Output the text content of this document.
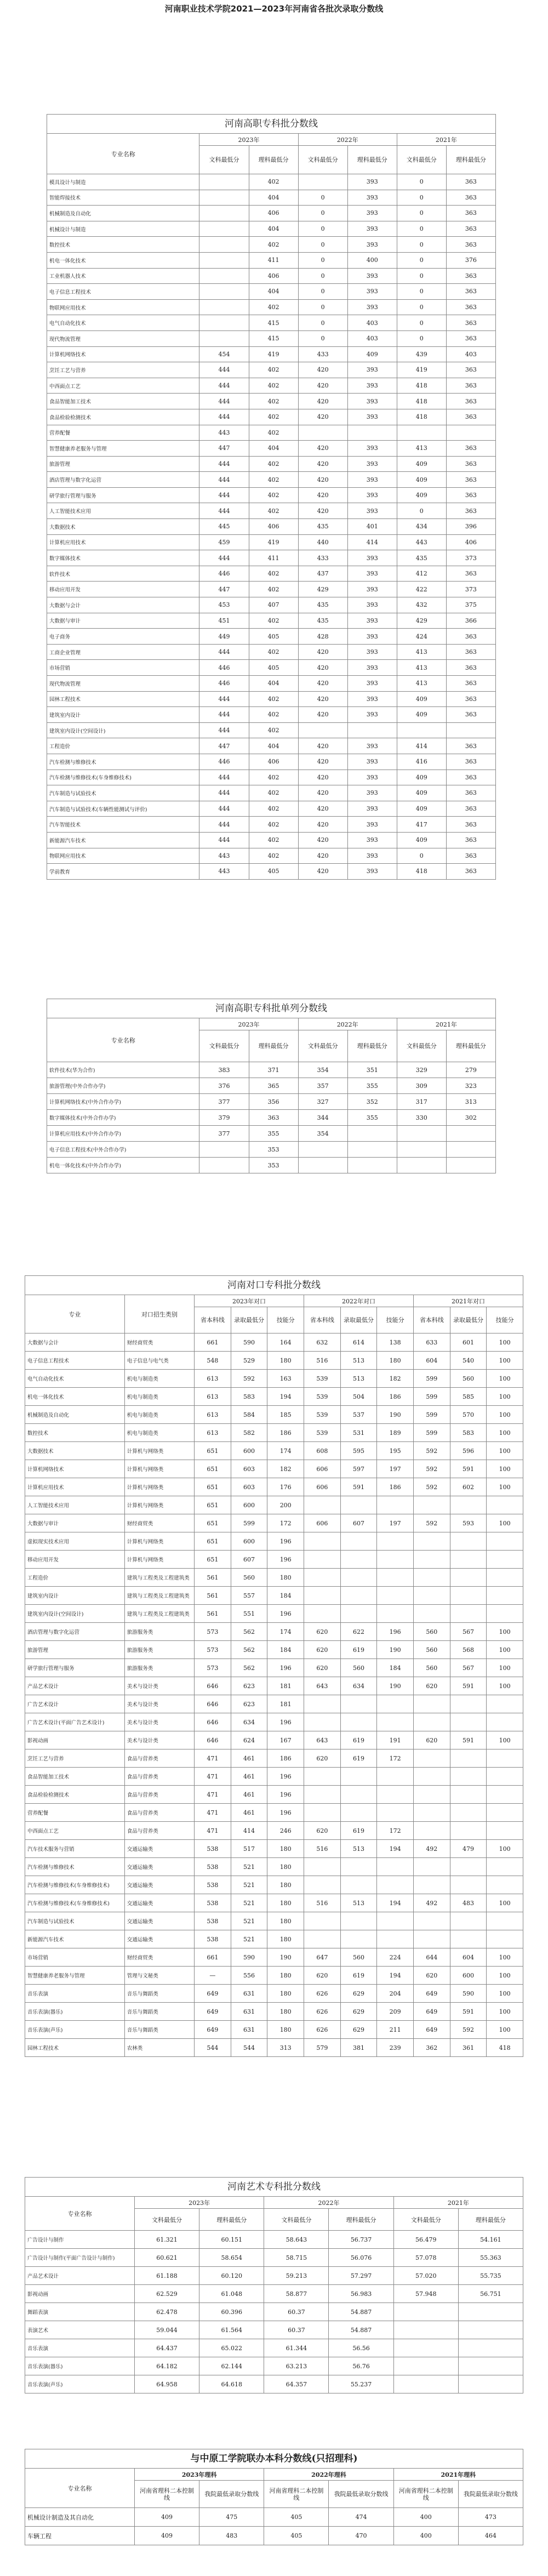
河南职业技术学院2021—2023年河南省各批次录取分数线
河南高职专科批分数线
专业名称	2023年		2022年		2021年	
	文科最低分	理科最低分	文科最低分	理科最低分	文科最低分	理科最低分
模具设计与制造		402		393	0	363
智能焊接技术		404	0	393	0	363
机械制造及自动化		406	0	393	0	363
机械设计与制造		404	0	393	0	363
数控技术		402	0	393	0	363
机电一体化技术		411	0	400	0	376
工业机器人技术		406	0	393	0	363
电子信息工程技术		404	0	393	0	363
物联网应用技术		402	0	393	0	363
电气自动化技术		415	0	403	0	363
现代物流管理		415	0	403	0	363
计算机网络技术	454	419	433	409	439	403
烹饪工艺与营养	444	402	420	393	419	363
中西面点工艺	444	402	420	393	418	363
食品智能加工技术	444	402	420	393	418	363
食品检验检测技术	444	402	420	393	418	363
营养配餐	443	402				
智慧健康养老服务与管理	447	404	420	393	413	363
旅游管理	444	402	420	393	409	363
酒店管理与数字化运营	444	402	420	393	409	363
研学旅行管理与服务	444	402	420	393	409	363
人工智能技术应用	444	402	420	393	0	363
大数据技术	445	406	435	401	434	396
计算机应用技术	459	419	440	414	443	406
数字媒体技术	444	411	433	393	435	373
软件技术	446	402	437	393	412	363
移动应用开发	447	402	429	393	422	373
大数据与会计	453	407	435	393	432	375
大数据与审计	451	402	435	393	429	366
电子商务	449	405	428	393	424	363
工商企业管理	444	402	420	393	413	363
市场营销	446	405	420	393	413	363
现代物流管理	446	404	420	393	413	363
园林工程技术	444	402	420	393	409	363
建筑室内设计	444	402	420	393	409	363
建筑室内设计(空间设计)	444	402				
工程造价	447	404	420	393	414	363
汽车检测与维修技术	446	406	420	393	416	363
汽车检测与维修技术(车身维修技术)	444	402	420	393	409	363
汽车制造与试验技术	444	402	420	393	409	363
汽车制造与试验技术(车辆性能测试与评价)	444	402	420	393	409	363
汽车智能技术	444	402	420	393	417	363
新能源汽车技术	444	402	420	393	409	363
物联网应用技术	443	402	420	393	0	363
学前教育	443	405	420	393	418	363
河南高职专科批单列分数线
专业名称	2023年		2022年		2021年	
	文科最低分	理科最低分	文科最低分	理科最低分	文科最低分	理科最低分
软件技术(华为合作)	383	371	354	351	329	279
旅游管理(中外合作办学)	376	365	357	355	309	323
计算机网络技术(中外合作办学)	377	356	327	352	317	313
数字媒体技术(中外合作办学)	379	363	344	355	330	302
计算机应用技术(中外合作办学)	377	355	354			
电子信息工程技术(中外合作办学)		353				
机电一体化技术(中外合作办学)		353				
河南对口专科批分数线
专业	对口招生类别	2023年对口			2022年对口			2021年对口		
		省本科线	录取最低分	技能分	省本科线	录取最低分	技能分	省本科线	录取最低分	技能分
大数据与会计	财经商贸类	661	590	164	632	614	138	633	601	100
电子信息工程技术	电子信息与电气类	548	529	180	516	513	180	604	540	100
电气自动化技术	机电与制造类	613	592	163	539	513	182	599	560	100
机电一体化技术	机电与制造类	613	583	194	539	504	186	599	585	100
机械制造及自动化	机电与制造类	613	584	185	539	537	190	599	570	100
数控技术	机电与制造类	613	582	186	539	531	189	599	583	100
大数据技术	计算机与网络类	651	600	174	608	595	195	592	596	100
计算机网络技术	计算机与网络类	651	603	182	606	597	197	592	591	100
计算机应用技术	计算机与网络类	651	603	176	606	591	186	592	602	100
人工智能技术应用	计算机与网络类	651	600	200						
大数据与审计	财经商贸类	651	599	172	606	607	197	592	593	100
虚拟现实技术应用	计算机与网络类	651	600	196						
移动应用开发	计算机与网络类	651	607	196						
工程造价	建筑与工程类及工程建筑类	561	560	180						
建筑室内设计	建筑与工程类及工程建筑类	561	557	184						
建筑室内设计(空间设计)	建筑与工程类及工程建筑类	561	551	196						
酒店管理与数字化运营	旅游服务类	573	562	174	620	622	196	560	567	100
旅游管理	旅游服务类	573	562	184	620	619	190	560	568	100
研学旅行管理与服务	旅游服务类	573	562	196	620	560	184	560	567	100
产品艺术设计	美术与设计类	646	623	181	643	634	190	620	591	100
广告艺术设计	美术与设计类	646	623	181						
广告艺术设计(平面广告艺术设计)	美术与设计类	646	634	196						
影视动画	美术与设计类	646	624	167	643	619	191	620	591	100
烹饪工艺与营养	食品与营养类	471	461	186	620	619	172			
食品智能加工技术	食品与营养类	471	461	196						
食品检验检测技术	食品与营养类	471	461	196						
营养配餐	食品与营养类	471	461	196						
中西面点工艺	食品与营养类	471	414	246	620	619	172			
汽车技术服务与营销	交通运输类	538	517	180	516	513	194	492	479	100
汽车检测与维修技术	交通运输类	538	521	180						
汽车检测与维修技术(车身维修技术)	交通运输类	538	521	180						
汽车检测与维修技术(车身维修技术)	交通运输类	538	521	180	516	513	194	492	483	100
汽车制造与试验技术	交通运输类	538	521	180						
新能源汽车技术	交通运输类	538	521	180						
市场营销	财经商贸类	661	590	190	647	560	224	644	604	100
智慧健康养老服务与管理	管理与文秘类	—	556	180	620	619	194	620	600	100
音乐表演	音乐与舞蹈类	649	631	180	626	629	204	649	590	100
音乐表演(器乐)	音乐与舞蹈类	649	631	180	626	629	209	649	591	100
音乐表演(声乐)	音乐与舞蹈类	649	631	180	626	629	211	649	592	100
园林工程技术	农林类	544	544	313	579	381	239	362	361	418
河南艺术专科批分数线
专业名称	2023年		2022年		2021年	
	文科最低分	理科最低分	文科最低分	理科最低分	文科最低分	理科最低分
广告设计与制作	61.321	60.151	58.643	56.737	56.479	54.161
广告设计与制作(平面广告设计与制作)	60.621	58.654	58.715	56.076	57.078	55.363
产品艺术设计	61.188	60.120	59.213	57.297	57.020	55.735
影视动画	62.529	61.048	58.877	56.983	57.948	56.751
舞蹈表演	62.478	60.396	60.37	54.887		
表演艺术	59.044	61.564	60.37	54.887		
音乐表演	64.437	65.022	61.344	56.56		
音乐表演(器乐)	64.182	62.144	63.213	56.76		
音乐表演(声乐)	64.958	64.618	64.357	55.237		
与中原工学院联办本科分数线(只招理科)
专业名称	2023年理科		2022年理科		2021年理科	
	河南省理科二本控制线	我院最低录取分数线	河南省理科二本控制线	我院最低录取分数线	河南省理科二本控制线	我院最低录取分数线
机械设计制造及其自动化	409	475	405	474	400	473
车辆工程	409	483	405	470	400	464
